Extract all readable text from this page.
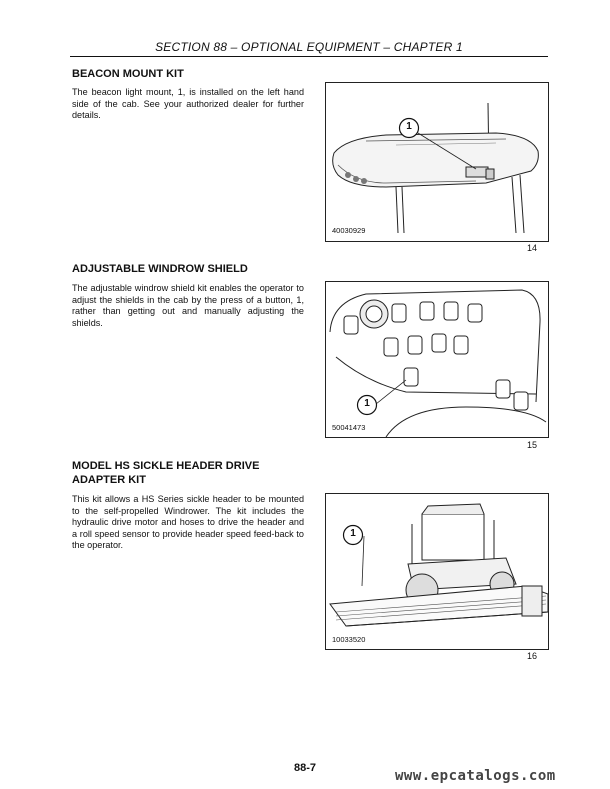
SECTION 88 – OPTIONAL EQUIPMENT – CHAPTER 1
BEACON MOUNT KIT
The beacon light mount, 1, is installed on the left hand side of the cab. See your authorized dealer for further details.
1
40030929
14
ADJUSTABLE WINDROW SHIELD
The adjustable windrow shield kit enables the operator to adjust the shields in the cab by the press of a button, 1, rather than getting out and manually adjusting the shields.
1
50041473
15
MODEL HS SICKLE HEADER DRIVE
ADAPTER KIT
This kit allows a HS Series sickle header to be mounted to the self-propelled Windrower. The kit includes the hydraulic drive motor and hoses to drive the header and a roll speed sensor to provide header speed feed-back to the operator.
1
10033520
16
88-7	www.epcatalogs.com
